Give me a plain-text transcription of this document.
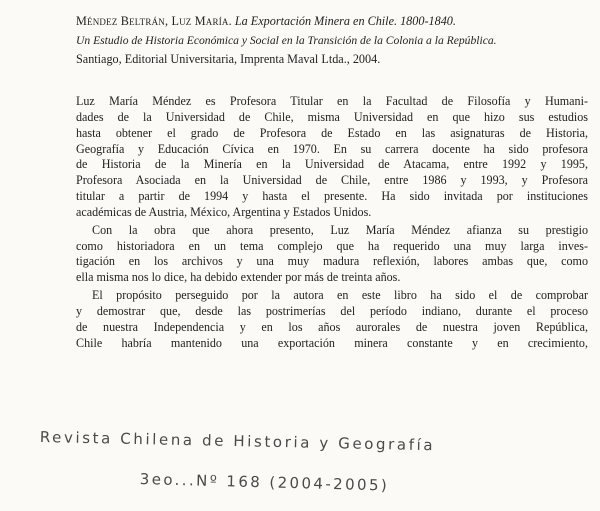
Méndez Beltrán, Luz María. La Exportación Minera en Chile. 1800-1840.
Un Estudio de Historia Económica y Social en la Transición de la Colonia a la República.
Santiago, Editorial Universitaria, Imprenta Maval Ltda., 2004.
Luz María Méndez es Profesora Titular en la Facultad de Filosofía y Humani-
dades de la Universidad de Chile, misma Universidad en que hizo sus estudios
hasta obtener el grado de Profesora de Estado en las asignaturas de Historia,
Geografía y Educación Cívica en 1970. En su carrera docente ha sido profesora
de Historia de la Minería en la Universidad de Atacama, entre 1992 y 1995,
Profesora Asociada en la Universidad de Chile, entre 1986 y 1993, y Profesora
titular a partir de 1994 y hasta el presente. Ha sido invitada por instituciones
académicas de Austria, México, Argentina y Estados Unidos.
Con la obra que ahora presento, Luz María Méndez afianza su prestigio
como historiadora en un tema complejo que ha requerido una muy larga inves-
tigación en los archivos y una muy madura reflexión, labores ambas que, como
ella misma nos lo dice, ha debido extender por más de treinta años.
El propósito perseguido por la autora en este libro ha sido el de comprobar
y demostrar que, desde las postrimerías del período indiano, durante el proceso
de nuestra Independencia y en los años aurorales de nuestra joven República,
Chile habría mantenido una exportación minera constante y en crecimiento,
Revista Chilena de Historia y Geografía
3eo...Nº 168 (2004-2005)
